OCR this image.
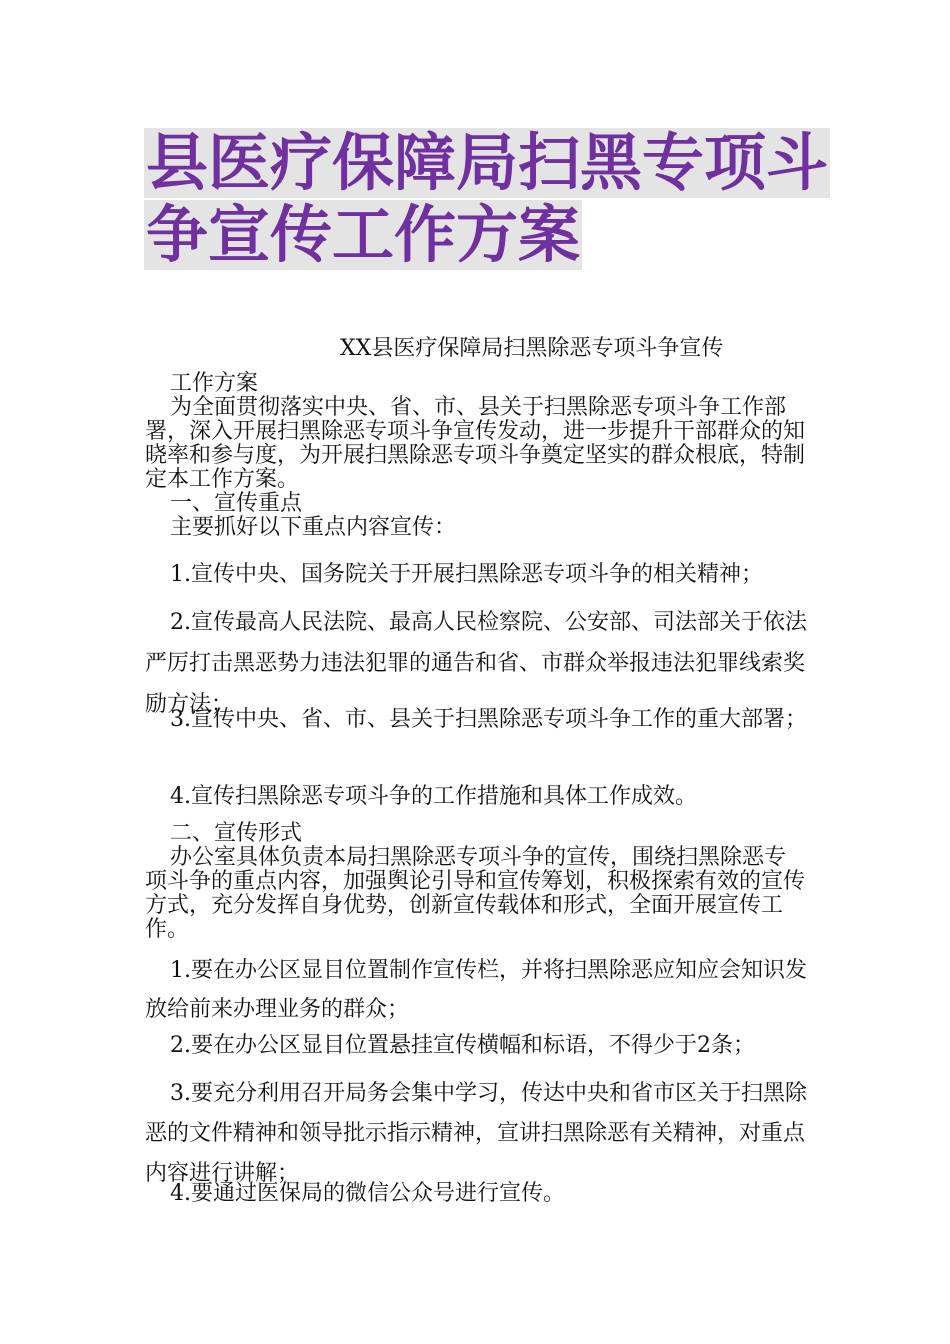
县医疗保障局扫黑专项斗
争宣传工作方案
XX县医疗保障局扫黑除恶专项斗争宣传

工作方案

为全面贯彻落实中央、省、市、县关于扫黑除恶专项斗争工作部署，深入开展扫黑除恶专项斗争宣传发动，进一步提升干部群众的知晓率和参与度，为开展扫黑除恶专项斗争奠定坚实的群众根底，特制定本工作方案。

一、宣传重点

主要抓好以下重点内容宣传：

1.宣传中央、国务院关于开展扫黑除恶专项斗争的相关精神；

2.宣传最高人民法院、最高人民检察院、公安部、司法部关于依法严厉打击黑恶势力违法犯罪的通告和省、市群众举报违法犯罪线索奖励方法；

3.宣传中央、省、市、县关于扫黑除恶专项斗争工作的重大部署；

4.宣传扫黑除恶专项斗争的工作措施和具体工作成效。

二、宣传形式

办公室具体负责本局扫黑除恶专项斗争的宣传，围绕扫黑除恶专项斗争的重点内容，加强舆论引导和宣传筹划，积极探索有效的宣传方式，充分发挥自身优势，创新宣传载体和形式，全面开展宣传工作。

1.要在办公区显目位置制作宣传栏，并将扫黑除恶应知应会知识发放给前来办理业务的群众；

2.要在办公区显目位置悬挂宣传横幅和标语，不得少于2条；

3.要充分利用召开局务会集中学习，传达中央和省市区关于扫黑除恶的文件精神和领导批示指示精神，宣讲扫黑除恶有关精神，对重点内容进行讲解；

4.要通过医保局的微信公众号进行宣传。
